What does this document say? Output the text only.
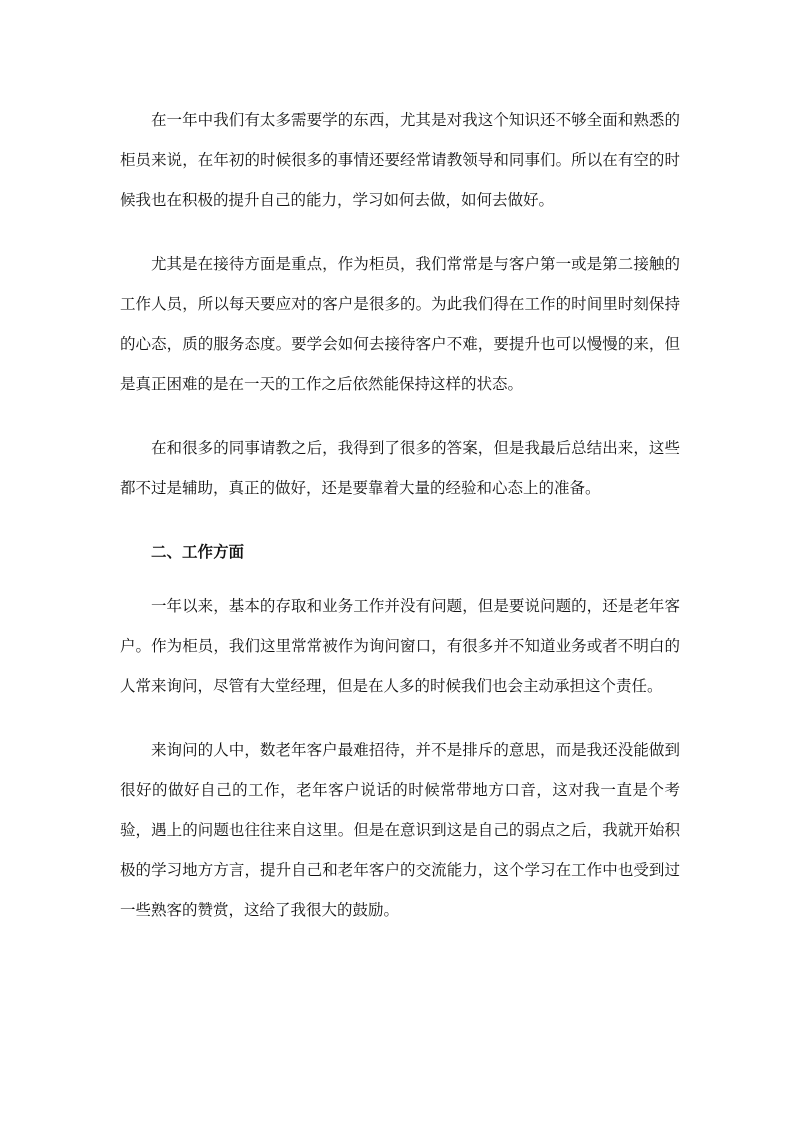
在一年中我们有太多需要学的东西，尤其是对我这个知识还不够全面和熟悉的柜员来说，在年初的时候很多的事情还要经常请教领导和同事们。所以在有空的时候我也在积极的提升自己的能力，学习如何去做，如何去做好。

尤其是在接待方面是重点，作为柜员，我们常常是与客户第一或是第二接触的工作人员，所以每天要应对的客户是很多的。为此我们得在工作的时间里时刻保持的心态，质的服务态度。要学会如何去接待客户不难，要提升也可以慢慢的来，但是真正困难的是在一天的工作之后依然能保持这样的状态。

在和很多的同事请教之后，我得到了很多的答案，但是我最后总结出来，这些都不过是辅助，真正的做好，还是要靠着大量的经验和心态上的准备。

二、工作方面

一年以来，基本的存取和业务工作并没有问题，但是要说问题的，还是老年客户。作为柜员，我们这里常常被作为询问窗口，有很多并不知道业务或者不明白的人常来询问，尽管有大堂经理，但是在人多的时候我们也会主动承担这个责任。

来询问的人中，数老年客户最难招待，并不是排斥的意思，而是我还没能做到很好的做好自己的工作，老年客户说话的时候常带地方口音，这对我一直是个考验，遇上的问题也往往来自这里。但是在意识到这是自己的弱点之后，我就开始积极的学习地方方言，提升自己和老年客户的交流能力，这个学习在工作中也受到过一些熟客的赞赏，这给了我很大的鼓励。
